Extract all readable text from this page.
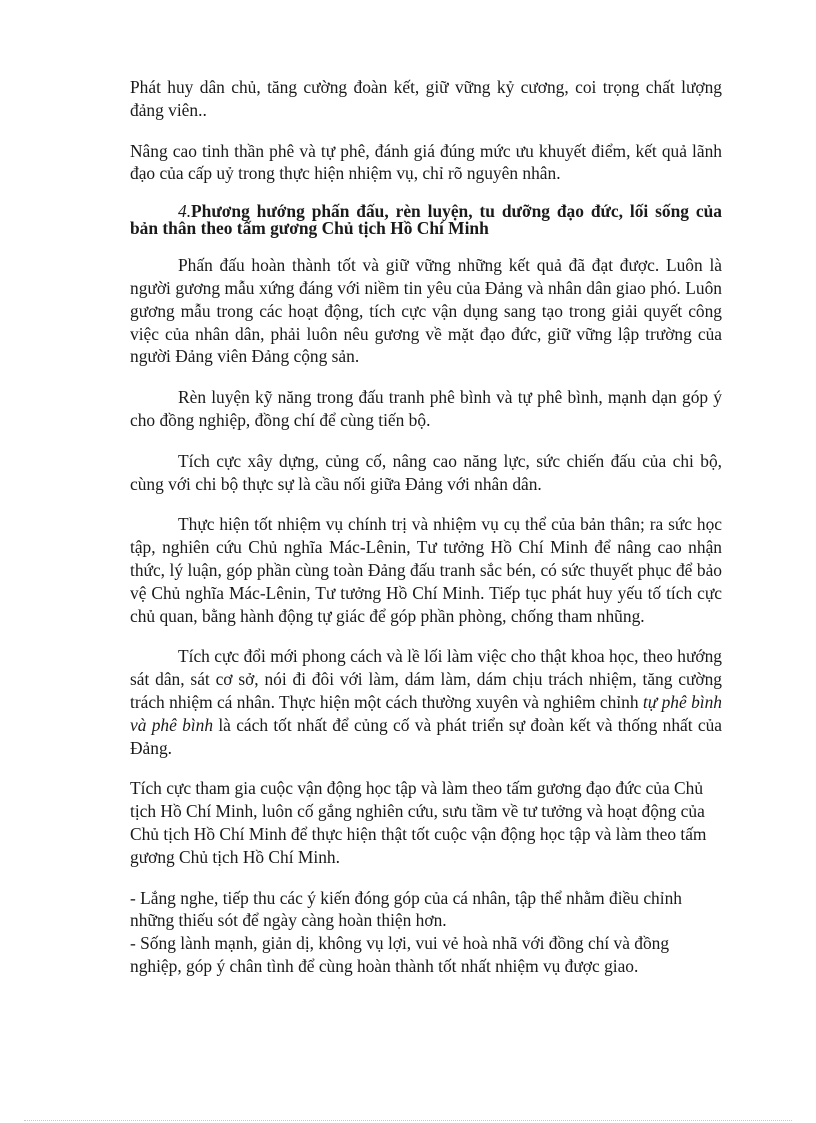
Phát huy dân chủ, tăng cường đoàn kết, giữ vững kỷ cương, coi trọng chất lượng đảng viên..

Nâng cao tinh thần phê và tự phê, đánh giá đúng mức ưu khuyết điểm, kết quả lãnh đạo của cấp uỷ trong thực hiện nhiệm vụ, chỉ rõ nguyên nhân.

4.Phương hướng phấn đấu, rèn luyện, tu dưỡng đạo đức, lối sống của bản thân theo tấm gương Chủ tịch Hồ Chí Minh

Phấn đấu hoàn thành tốt và giữ vững những kết quả đã đạt được. Luôn là người gương mẫu xứng đáng với niềm tin yêu của Đảng và nhân dân giao phó. Luôn gương mẫu trong các hoạt động, tích cực vận dụng sang tạo trong giải quyết công việc của nhân dân, phải luôn nêu gương về mặt đạo đức, giữ vững lập trường của người Đảng viên Đảng cộng sản.

Rèn luyện kỹ năng trong đấu tranh phê bình và tự phê bình, mạnh dạn góp ý cho đồng nghiệp, đồng chí để cùng tiến bộ.

Tích cực xây dựng, củng cố, nâng cao năng lực, sức chiến đấu của chi bộ, cùng với chi bộ thực sự là cầu nối giữa Đảng với nhân dân.

Thực hiện tốt nhiệm vụ chính trị và nhiệm vụ cụ thể của bản thân; ra sức học tập, nghiên cứu Chủ nghĩa Mác-Lênin, Tư tưởng Hồ Chí Minh để nâng cao nhận thức, lý luận, góp phần cùng toàn Đảng đấu tranh sắc bén, có sức thuyết phục để bảo vệ Chủ nghĩa Mác-Lênin, Tư tưởng Hồ Chí Minh. Tiếp tục phát huy yếu tố tích cực chủ quan, bằng hành động tự giác để góp phần phòng, chống tham nhũng.

Tích cực đổi mới phong cách và lề lối làm việc cho thật khoa học, theo hướng sát dân, sát cơ sở, nói đi đôi với làm, dám làm, dám chịu trách nhiệm, tăng cường trách nhiệm cá nhân. Thực hiện một cách thường xuyên và nghiêm chỉnh tự phê bình và phê bình là cách tốt nhất để củng cố và phát triển sự đoàn kết và thống nhất của Đảng.

Tích cực tham gia cuộc vận động học tập và làm theo tấm gương đạo đức của Chủ tịch Hồ Chí Minh, luôn cố gắng nghiên cứu, sưu tầm về tư tưởng và hoạt động của Chủ tịch Hồ Chí Minh để thực hiện thật tốt cuộc vận động học tập và làm theo tấm gương Chủ tịch Hồ Chí Minh.

- Lắng nghe, tiếp thu các ý kiến đóng góp của cá nhân, tập thể nhằm điều chỉnh những thiếu sót để ngày càng hoàn thiện hơn.

- Sống lành mạnh, giản dị, không vụ lợi, vui vẻ hoà nhã với đồng chí và đồng nghiệp, góp ý chân tình để cùng hoàn thành tốt nhất nhiệm vụ được giao.
